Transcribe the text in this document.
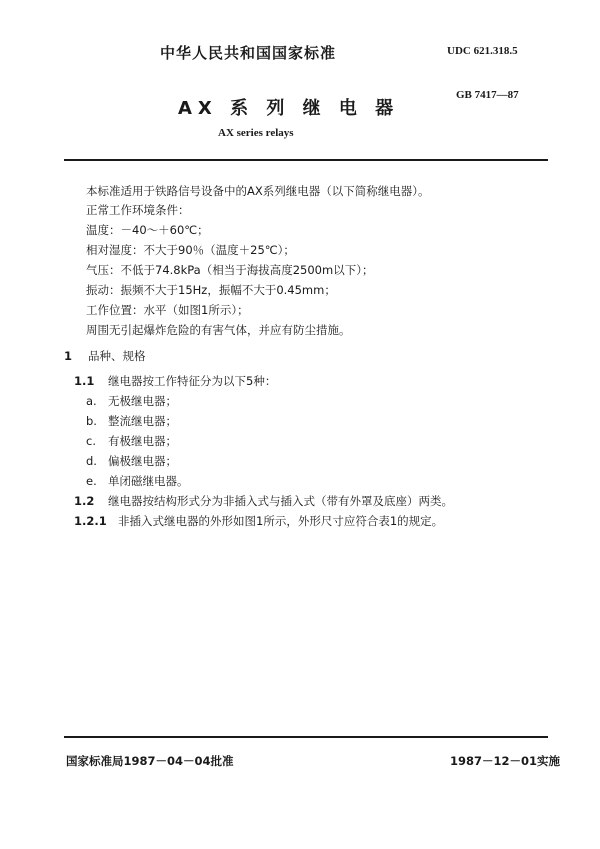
中华人民共和国国家标准	UDC 621.318.5
AX 系 列 继 电 器
GB 7417—87
AX series relays
本标准适用于铁路信号设备中的AX系列继电器（以下简称继电器）。
正常工作环境条件：
温度：－40～＋60℃；
相对湿度：不大于90％（温度＋25℃）；
气压：不低于74.8kPa（相当于海拔高度2500m以下）；
振动：振频不大于15Hz，振幅不大于0.45mm；
工作位置：水平（如图1所示）；
周围无引起爆炸危险的有害气体，并应有防尘措施。
1 品种、规格
1.1 继电器按工作特征分为以下5种：
a. 无极继电器；
b. 整流继电器；
c. 有极继电器；
d. 偏极继电器；
e. 单闭磁继电器。
1.2 继电器按结构形式分为非插入式与插入式（带有外罩及底座）两类。
1.2.1 非插入式继电器的外形如图1所示，外形尺寸应符合表1的规定。
国家标准局1987－04－04批准	1987－12－01实施
